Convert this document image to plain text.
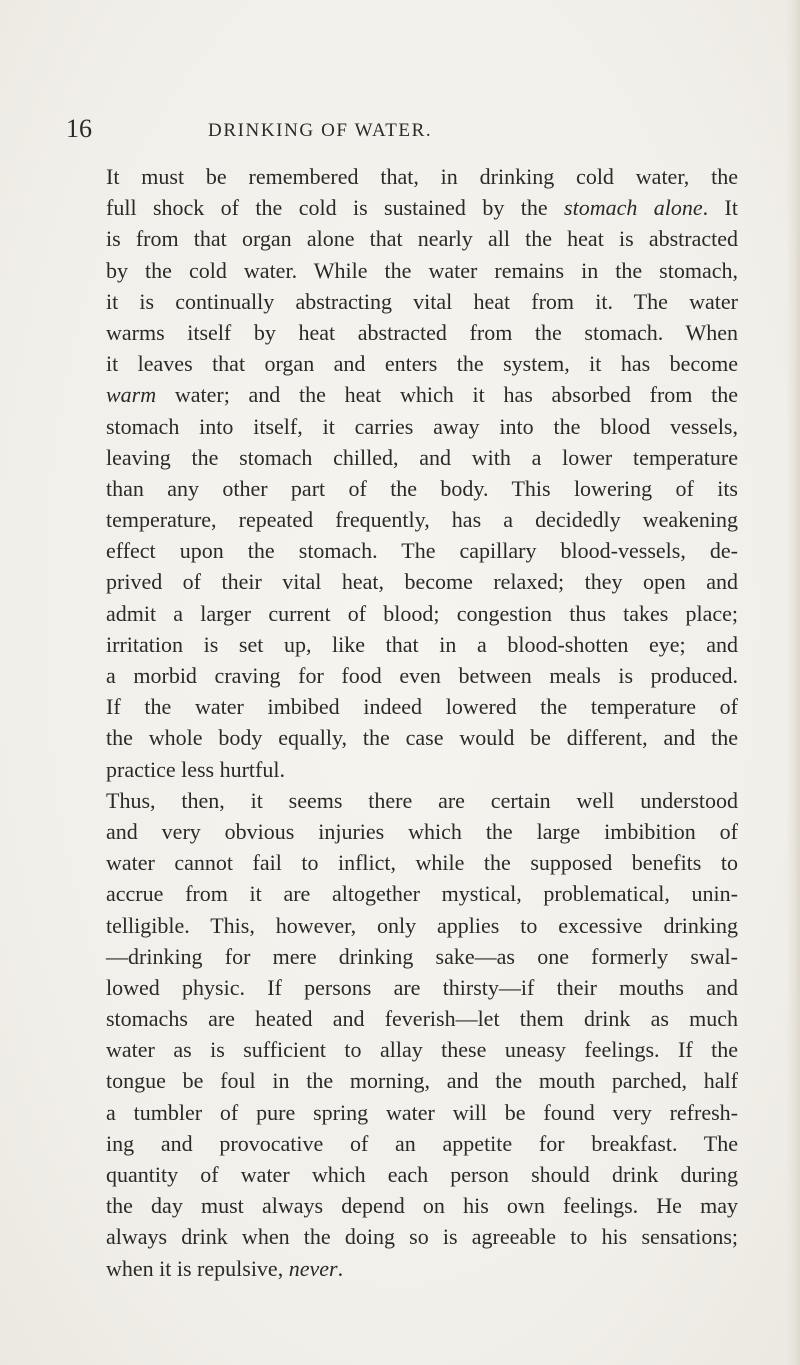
16	DRINKING OF WATER.
It must be remembered that, in drinking cold water, the
full shock of the cold is sustained by the stomach alone. It
is from that organ alone that nearly all the heat is abstracted
by the cold water. While the water remains in the stomach,
it is continually abstracting vital heat from it. The water
warms itself by heat abstracted from the stomach. When
it leaves that organ and enters the system, it has become
warm water; and the heat which it has absorbed from the
stomach into itself, it carries away into the blood vessels,
leaving the stomach chilled, and with a lower temperature
than any other part of the body. This lowering of its
temperature, repeated frequently, has a decidedly weakening
effect upon the stomach. The capillary blood-vessels, de-
prived of their vital heat, become relaxed; they open and
admit a larger current of blood; congestion thus takes place;
irritation is set up, like that in a blood-shotten eye; and
a morbid craving for food even between meals is produced.
If the water imbibed indeed lowered the temperature of
the whole body equally, the case would be different, and the
practice less hurtful.
Thus, then, it seems there are certain well understood
and very obvious injuries which the large imbibition of
water cannot fail to inflict, while the supposed benefits to
accrue from it are altogether mystical, problematical, unin-
telligible. This, however, only applies to excessive drinking
—drinking for mere drinking sake—as one formerly swal-
lowed physic. If persons are thirsty—if their mouths and
stomachs are heated and feverish—let them drink as much
water as is sufficient to allay these uneasy feelings. If the
tongue be foul in the morning, and the mouth parched, half
a tumbler of pure spring water will be found very refresh-
ing and provocative of an appetite for breakfast. The
quantity of water which each person should drink during
the day must always depend on his own feelings. He may
always drink when the doing so is agreeable to his sensations;
when it is repulsive, never.
